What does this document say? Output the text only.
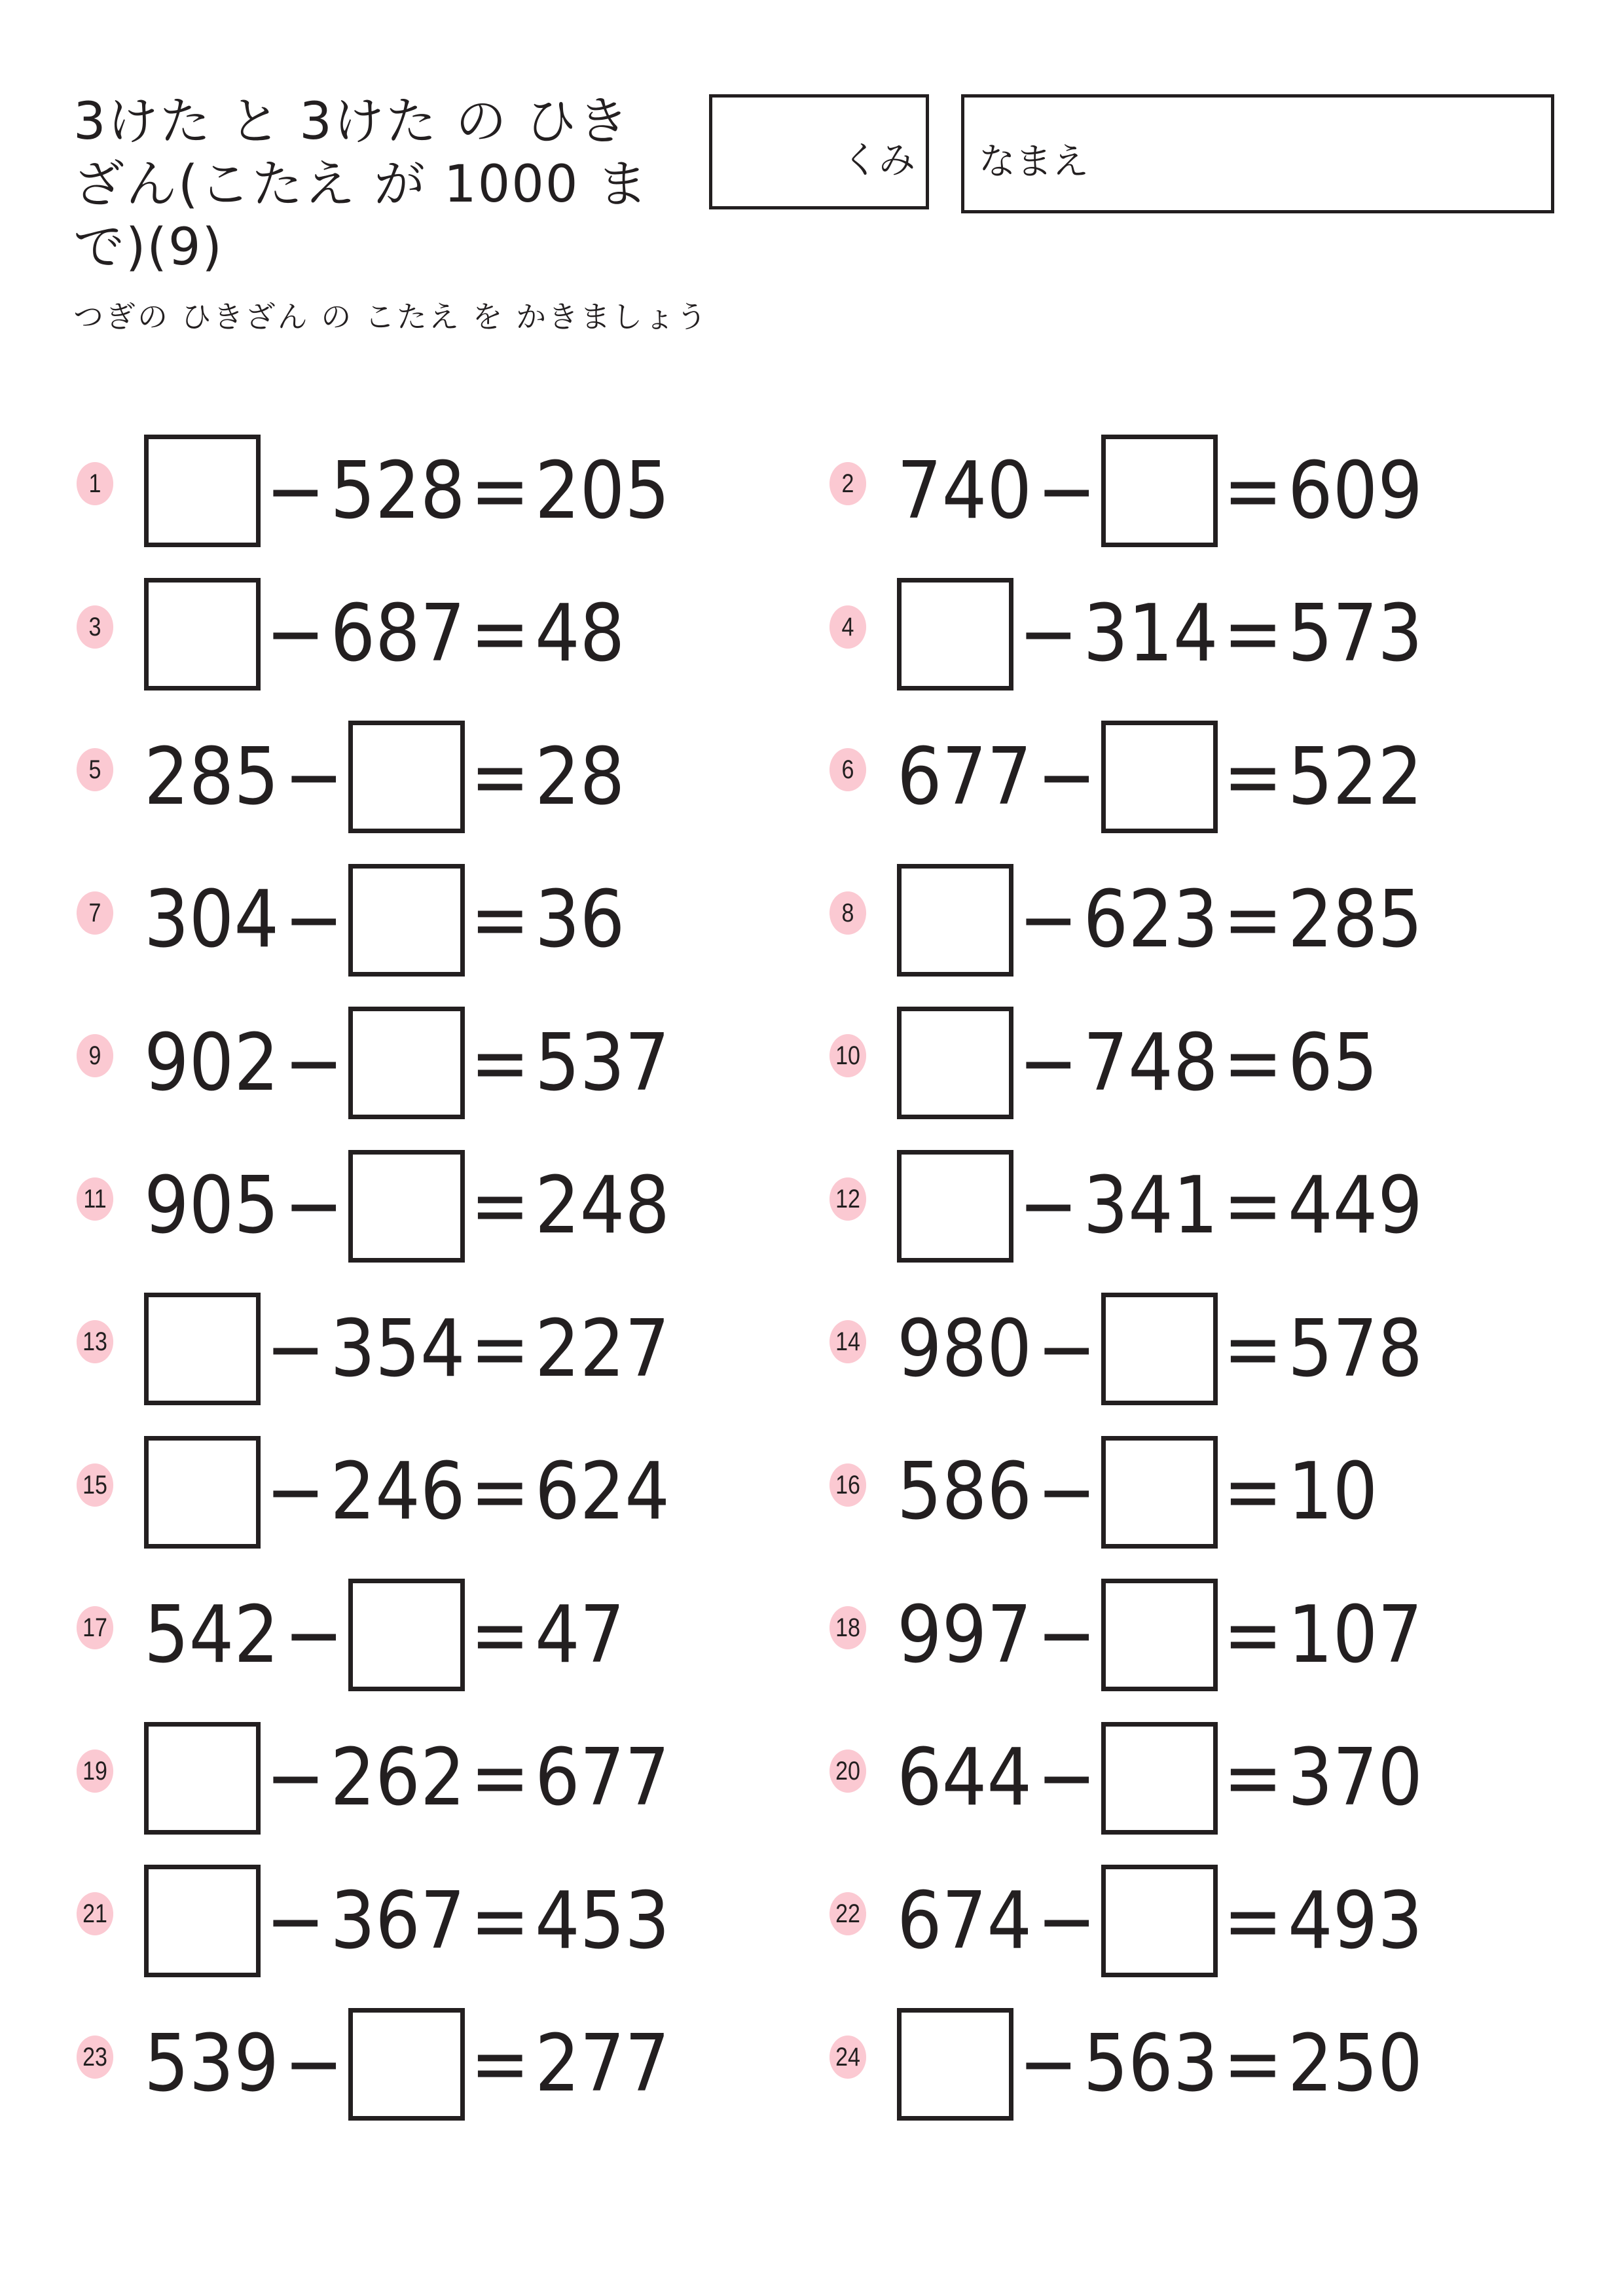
3けた と 3けた の ひきざん(こたえ が 1000 まで)(9)
つぎの ひきざん の こたえ を かきましょう
くみ なまえ
1 − 528 = 205	2 740 − = 609
3 − 687 = 48	4 − 314 = 573
5 285 − = 28	6 677 − = 522
7 304 − = 36	8 − 623 = 285
9 902 − = 537	10 − 748 = 65
11 905 − = 248	12 − 341 = 449
13 − 354 = 227	14 980 − = 578
15 − 246 = 624	16 586 − = 10
17 542 − = 47	18 997 − = 107
19 − 262 = 677	20 644 − = 370
21 − 367 = 453	22 674 − = 493
23 539 − = 277	24 − 563 = 250
